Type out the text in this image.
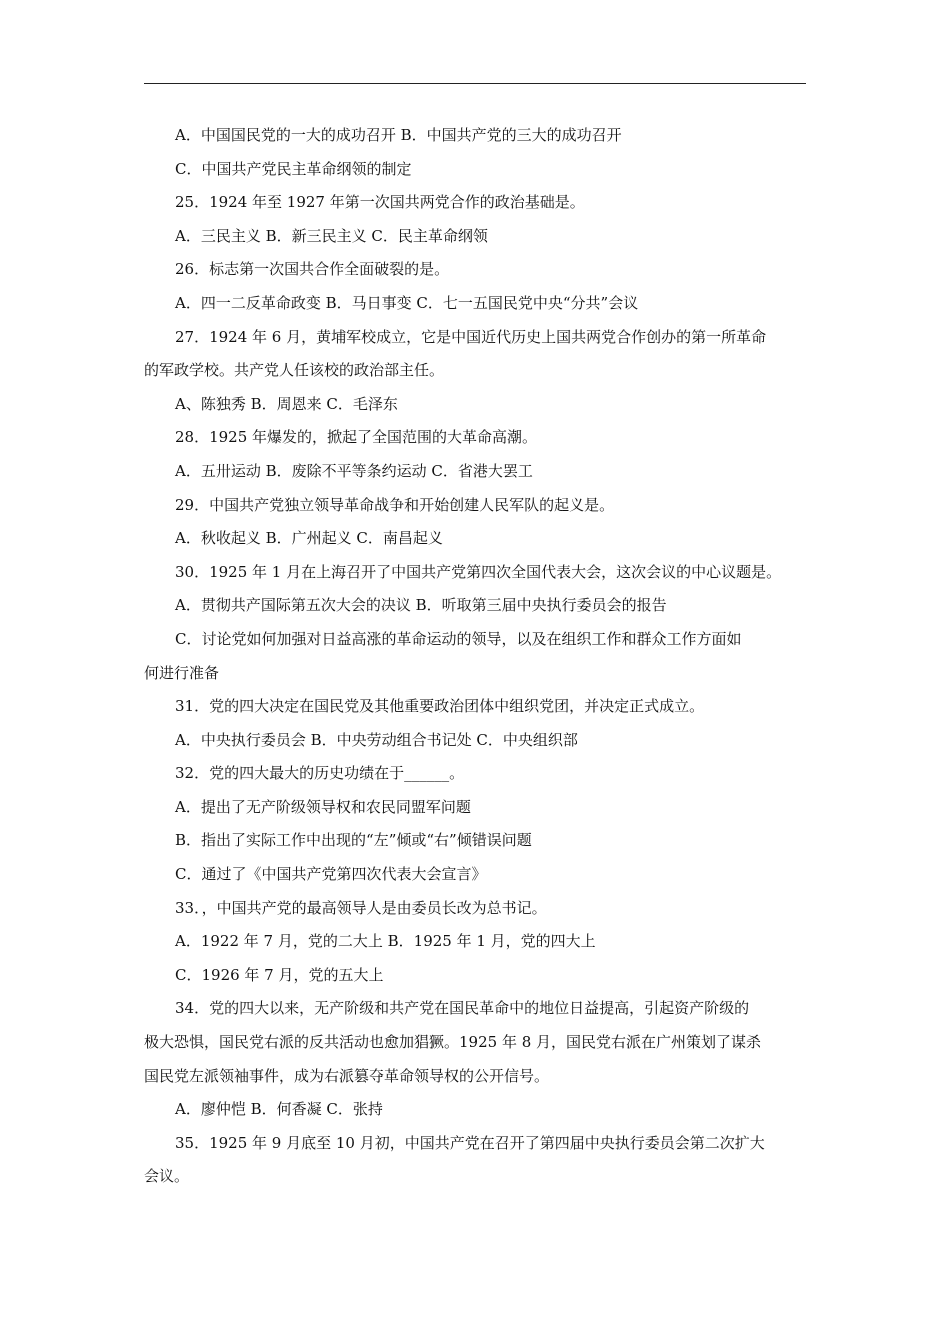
A．中国国民党的一大的成功召开 B．中国共产党的三大的成功召开
C．中国共产党民主革命纲领的制定
25．1924 年至 1927 年第一次国共两党合作的政治基础是。
A．三民主义 B．新三民主义 C．民主革命纲领
26．标志第一次国共合作全面破裂的是。
A．四一二反革命政变 B．马日事变 C．七一五国民党中央“分共”会议
27．1924 年 6 月，黄埔军校成立，它是中国近代历史上国共两党合作创办的第一所革命
的军政学校。共产党人任该校的政治部主任。
A、陈独秀 B．周恩来 C．毛泽东
28．1925 年爆发的，掀起了全国范围的大革命高潮。
A．五卅运动 B．废除不平等条约运动 C．省港大罢工
29．中国共产党独立领导革命战争和开始创建人民军队的起义是。
A．秋收起义 B．广州起义 C．南昌起义
30．1925 年 1 月在上海召开了中国共产党第四次全国代表大会，这次会议的中心议题是。
A．贯彻共产国际第五次大会的决议 B．听取第三届中央执行委员会的报告
C．讨论党如何加强对日益高涨的革命运动的领导，以及在组织工作和群众工作方面如
何进行准备
31．党的四大决定在国民党及其他重要政治团体中组织党团，并决定正式成立。
A．中央执行委员会 B．中央劳动组合书记处 C．中央组织部
32．党的四大最大的历史功绩在于______。
A．提出了无产阶级领导权和农民同盟军问题
B．指出了实际工作中出现的“左”倾或“右”倾错误问题
C．通过了《中国共产党第四次代表大会宣言》
33．，中国共产党的最高领导人是由委员长改为总书记。
A．1922 年 7 月，党的二大上 B．1925 年 1 月，党的四大上
C．1926 年 7 月，党的五大上
34．党的四大以来，无产阶级和共产党在国民革命中的地位日益提高，引起资产阶级的
极大恐惧，国民党右派的反共活动也愈加猖獗。1925 年 8 月，国民党右派在广州策划了谋杀
国民党左派领袖事件，成为右派篡夺革命领导权的公开信号。
A．廖仲恺 B．何香凝 C．张持
35．1925 年 9 月底至 10 月初，中国共产党在召开了第四届中央执行委员会第二次扩大
会议。
